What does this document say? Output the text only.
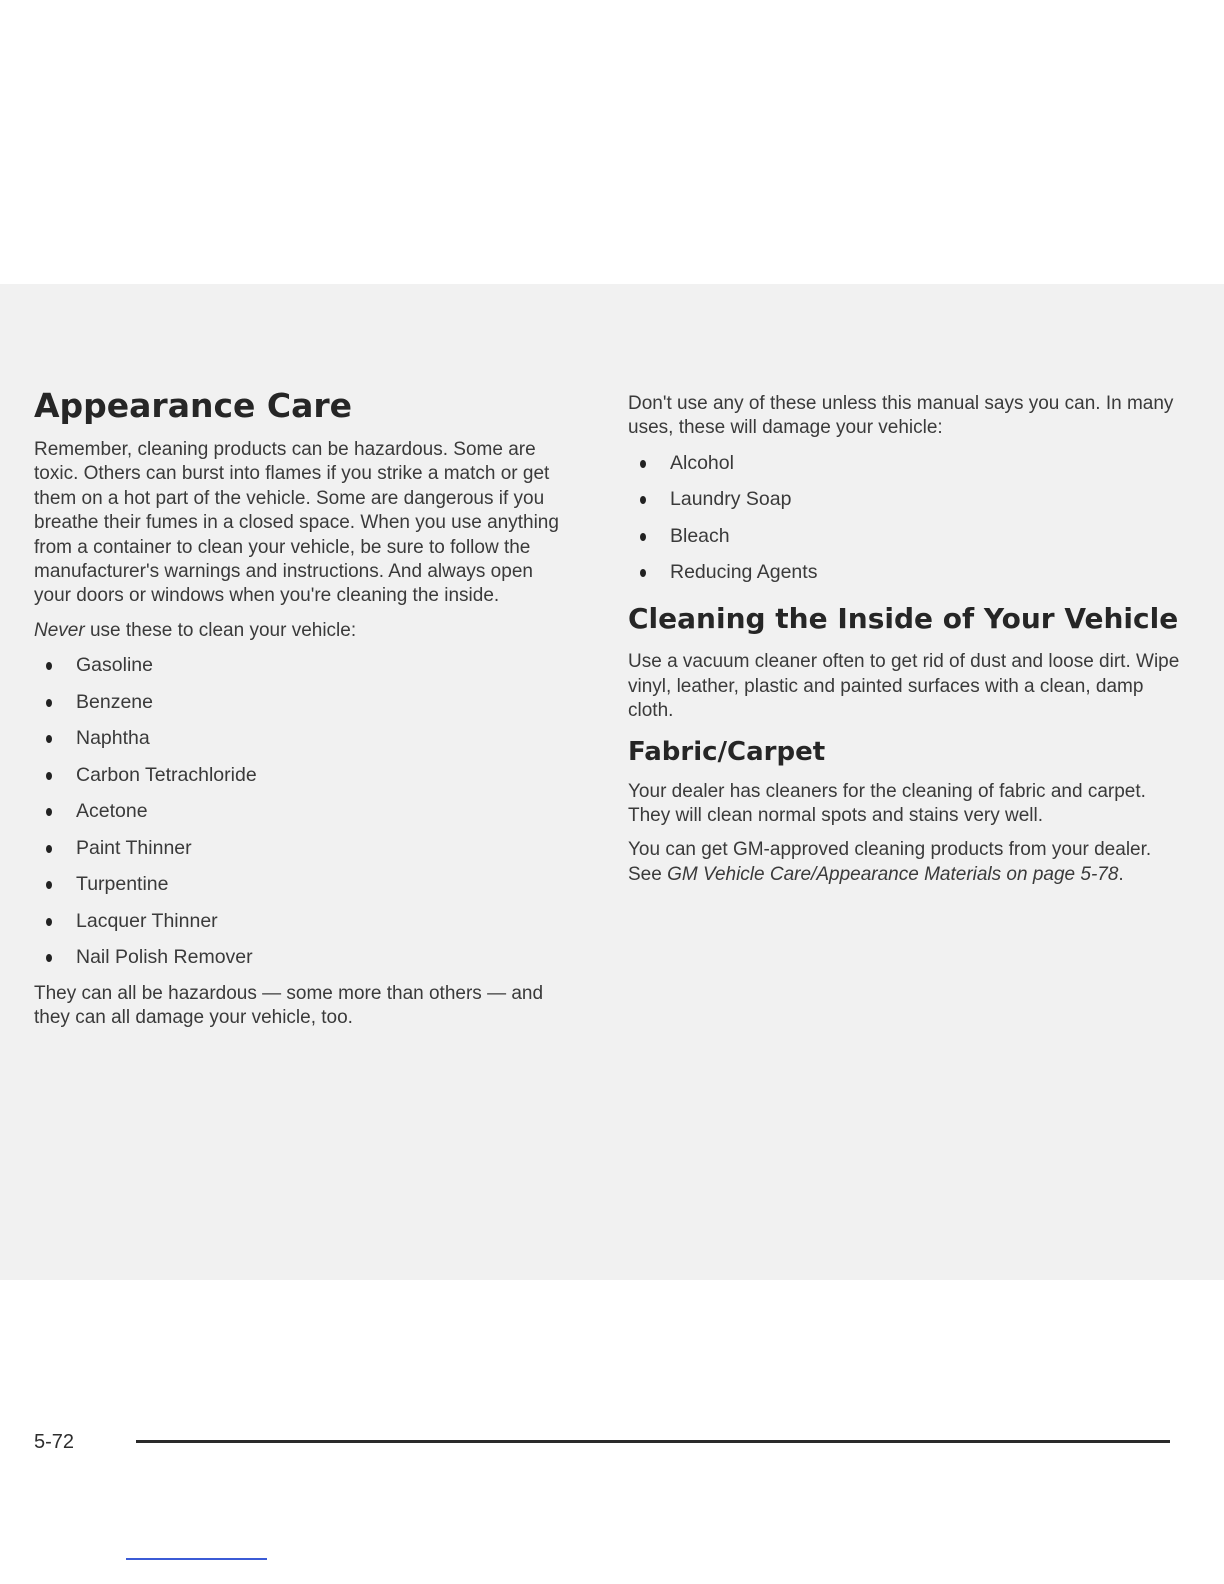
Appearance Care

Remember, cleaning products can be hazardous. Some are toxic. Others can burst into flames if you strike a match or get them on a hot part of the vehicle. Some are dangerous if you breathe their fumes in a closed space. When you use anything from a container to clean your vehicle, be sure to follow the manufacturer's warnings and instructions. And always open your doors or windows when you're cleaning the inside.

Never use these to clean your vehicle:

Gasoline
Benzene
Naphtha
Carbon Tetrachloride
Acetone
Paint Thinner
Turpentine
Lacquer Thinner
Nail Polish Remover

They can all be hazardous — some more than others — and they can all damage your vehicle, too.

Don't use any of these unless this manual says you can. In many uses, these will damage your vehicle:

Alcohol
Laundry Soap
Bleach
Reducing Agents
Cleaning the Inside of Your Vehicle

Use a vacuum cleaner often to get rid of dust and loose dirt. Wipe vinyl, leather, plastic and painted surfaces with a clean, damp cloth.

Fabric/Carpet

Your dealer has cleaners for the cleaning of fabric and carpet. They will clean normal spots and stains very well.

You can get GM-approved cleaning products from your dealer. See GM Vehicle Care/Appearance Materials on page 5-78.

5-72
